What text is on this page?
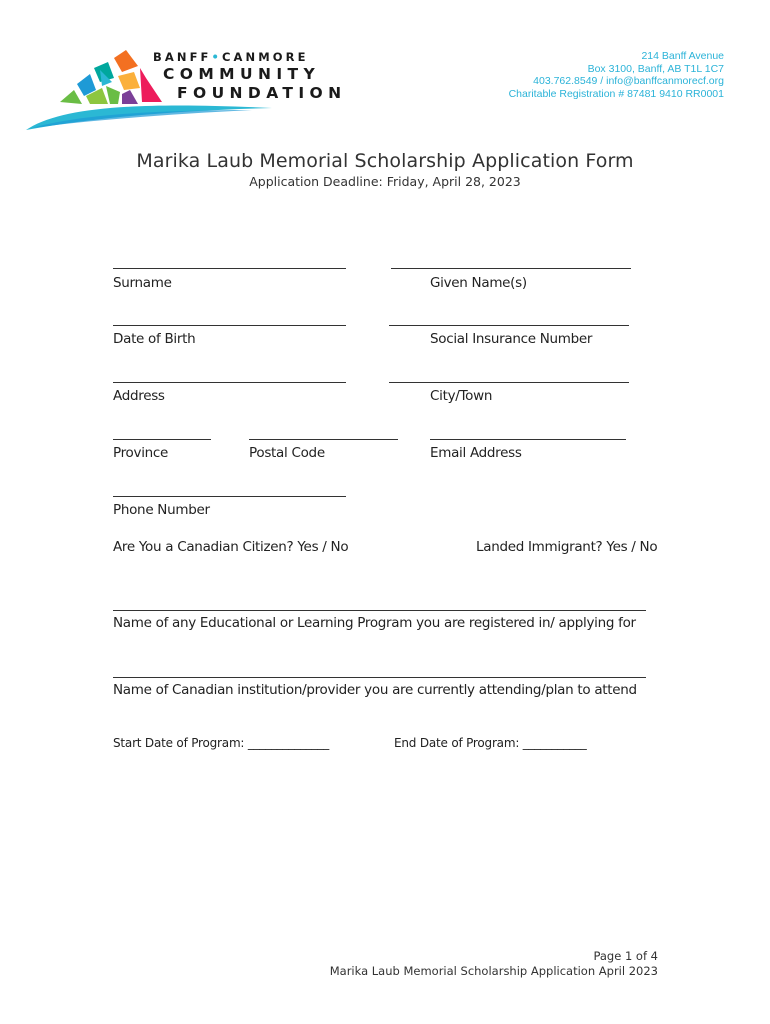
BANFF•CANMORE
COMMUNITY
FOUNDATION
214 Banff Avenue
Box 3100, Banff, AB T1L 1C7
403.762.8549 / info@banffcanmorecf.org
Charitable Registration # 87481 9410 RR0001
Marika Laub Memorial Scholarship Application Form
Application Deadline: Friday, April 28, 2023
Surname	Given Name(s)
Date of Birth	Social Insurance Number
Address	City/Town
Province	Postal Code	Email Address
Phone Number
Are You a Canadian Citizen? Yes / No	Landed Immigrant? Yes / No
Name of any Educational or Learning Program you are registered in/ applying for
Name of Canadian institution/provider you are currently attending/plan to attend
Start Date of Program: ______________	End Date of Program: ___________
Page 1 of 4
Marika Laub Memorial Scholarship Application April 2023
